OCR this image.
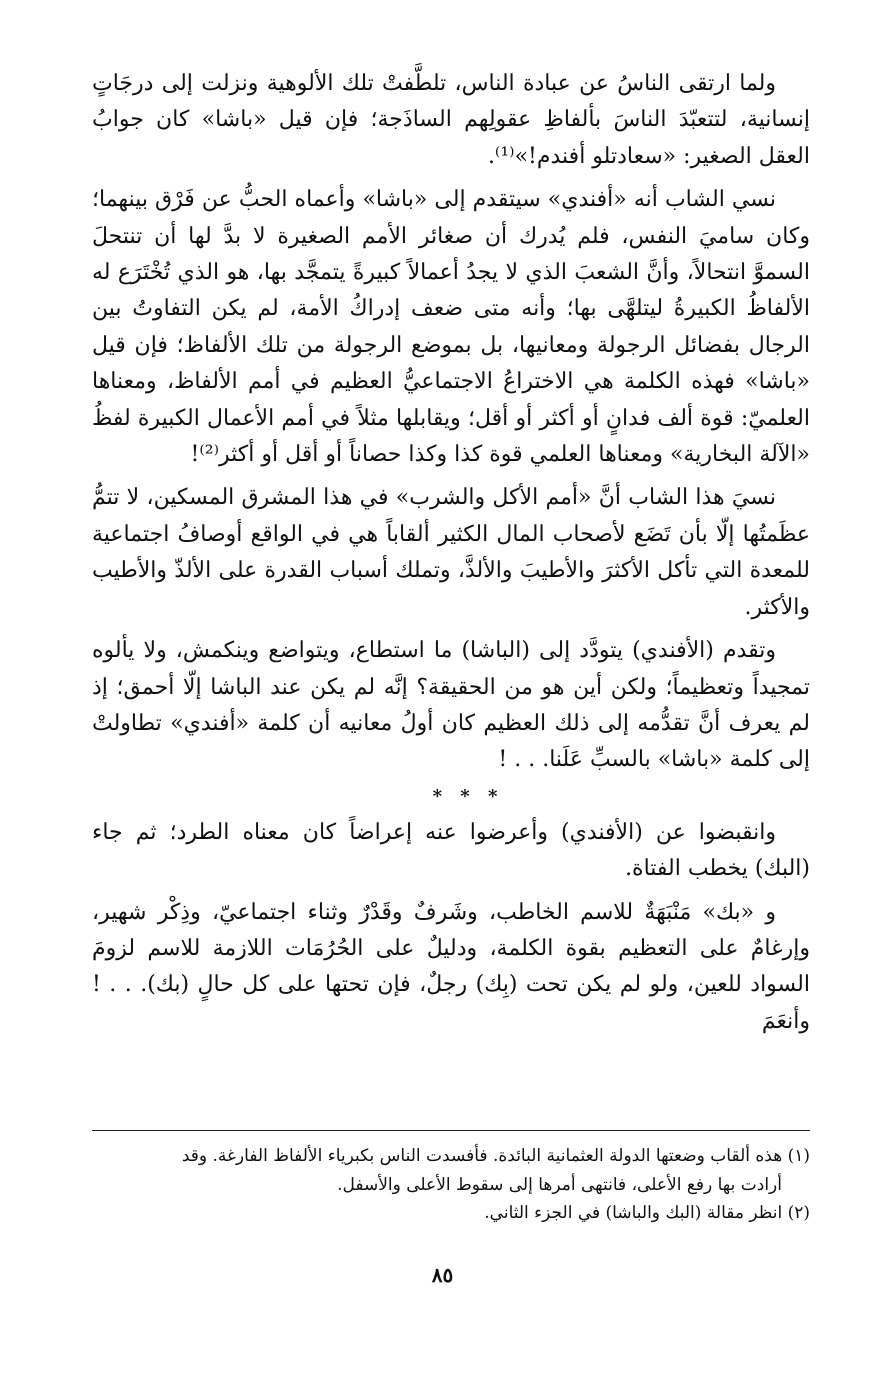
ولما ارتقى الناسُ عن عبادة الناس، تلطَّفتْ تلك الألوهية ونزلت إلى درجَاتٍ إنسانية، لتتعبّدَ الناسَ بألفاظِ عقولِهم الساذَجة؛ فإن قيل «باشا» كان جوابُ العقل الصغير: «سعادتلو أفندم!»⁽¹⁾.

نسي الشاب أنه «أفندي» سيتقدم إلى «باشا» وأعماه الحبُّ عن فَرْق بينهما؛ وكان ساميَ النفس، فلم يُدرك أن صغائر الأمم الصغيرة لا بدَّ لها أن تنتحلَ السموَّ انتحالاً، وأنَّ الشعبَ الذي لا يجدُ أعمالاً كبيرةً يتمجَّد بها، هو الذي تُخْتَرَع له الألفاظُ الكبيرةُ ليتلهَّى بها؛ وأنه متى ضعف إدراكُ الأمة، لم يكن التفاوتُ بين الرجال بفضائل الرجولة ومعانيها، بل بموضع الرجولة من تلك الألفاظ؛ فإن قيل «باشا» فهذه الكلمة هي الاختراعُ الاجتماعيُّ العظيم في أمم الألفاظ، ومعناها العلميّ: قوة ألف فدانٍ أو أكثر أو أقل؛ ويقابلها مثلاً في أمم الأعمال الكبيرة لفظُ «الآلة البخارية» ومعناها العلمي قوة كذا وكذا حصاناً أو أقل أو أكثر⁽²⁾!

نسيَ هذا الشاب أنَّ «أمم الأكل والشرب» في هذا المشرق المسكين، لا تتمُّ عظَمتُها إلّا بأن تَضَع لأصحاب المال الكثير ألقاباً هي في الواقع أوصافُ اجتماعية للمعدة التي تأكل الأكثرَ والأطيبَ والألذَّ، وتملك أسباب القدرة على الألذّ والأطيب والأكثر.

وتقدم (الأفندي) يتودَّد إلى (الباشا) ما استطاع، ويتواضع وينكمش، ولا يألوه تمجيداً وتعظيماً؛ ولكن أين هو من الحقيقة؟ إنَّه لم يكن عند الباشا إلّا أحمق؛ إذ لم يعرف أنَّ تقدُّمه إلى ذلك العظيم كان أولُ معانيه أن كلمة «أفندي» تطاولتْ إلى كلمة «باشا» بالسبِّ عَلَنا. . . !

* * *

وانقبضوا عن (الأفندي) وأعرضوا عنه إعراضاً كان معناه الطرد؛ ثم جاء (البك) يخطب الفتاة.

و «بك» مَنْبَهَةٌ للاسم الخاطب، وشَرفٌ وقَدْرٌ وثناء اجتماعيّ، وذِكْر شهير، وإرغامٌ على التعظيم بقوة الكلمة، ودليلٌ على الحُرُمَات اللازمة للاسم لزومَ السواد للعين، ولو لم يكن تحت (بِك) رجلٌ، فإن تحتها على كل حالٍ (بك). . . ! وأنعَمَ

(١) هذه ألقاب وضعتها الدولة العثمانية البائدة. فأفسدت الناس بكبرياء الألفاظ الفارغة. وقد

أرادت بها رفع الأعلى، فانتهى أمرها إلى سقوط الأعلى والأسفل.

(٢) انظر مقالة (البك والباشا) في الجزء الثاني.

٨٥
